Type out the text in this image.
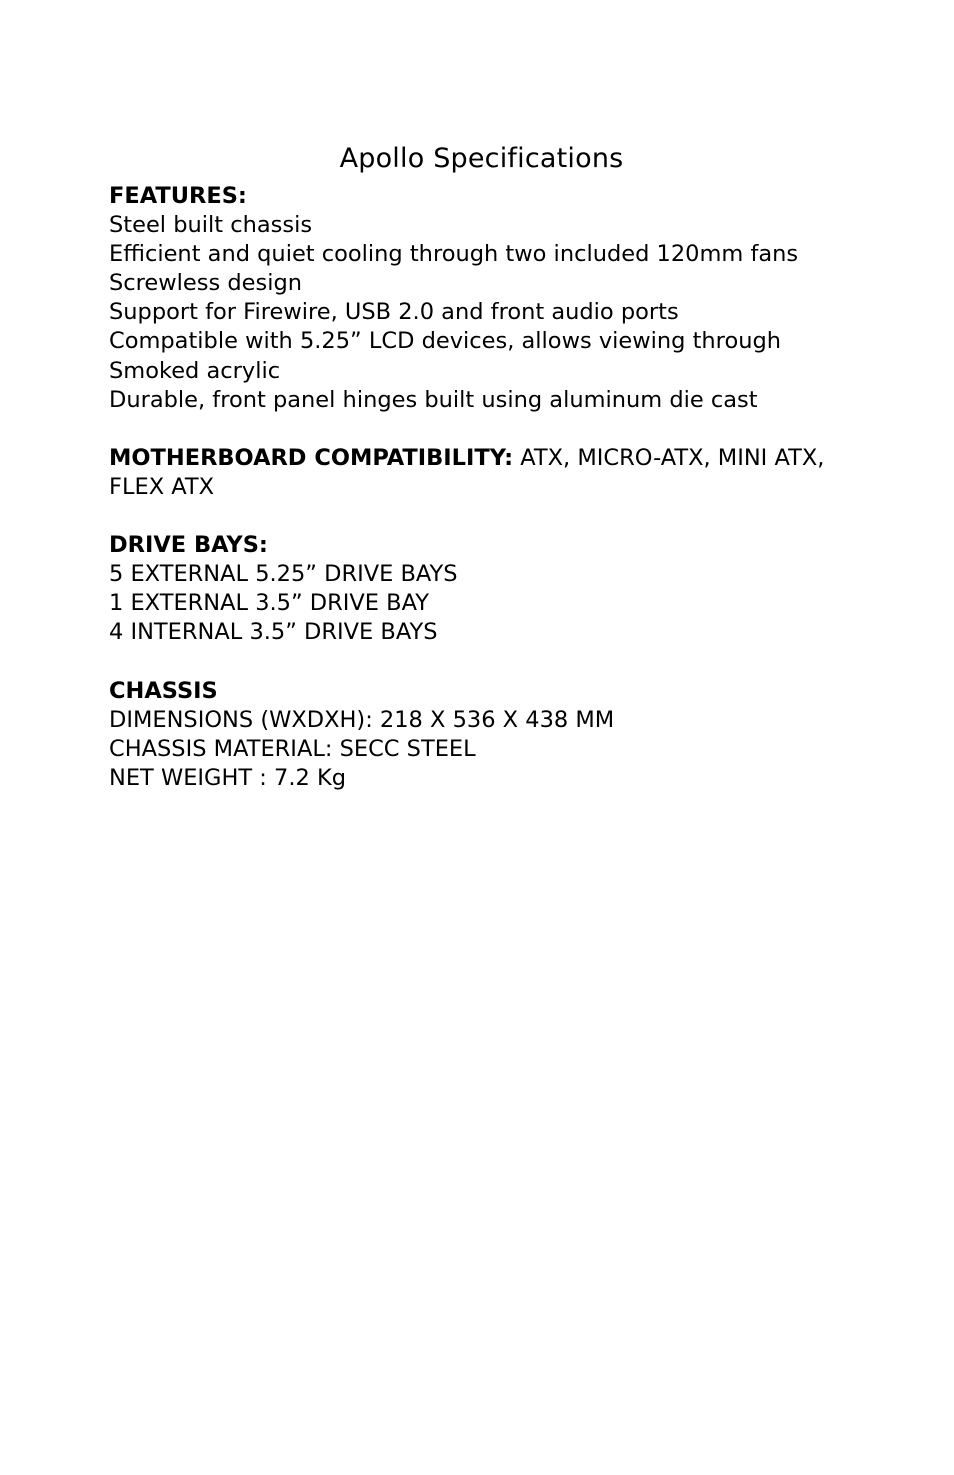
Apollo Specifications
FEATURES:
Steel built chassis
Efficient and quiet cooling through two included 120mm fans
Screwless design
Support for Firewire, USB 2.0 and front audio ports
Compatible with 5.25” LCD devices, allows viewing through Smoked acrylic
Durable, front panel hinges built using aluminum die cast
MOTHERBOARD COMPATIBILITY: ATX, MICRO-ATX, MINI ATX, FLEX ATX
DRIVE BAYS:
5 EXTERNAL 5.25” DRIVE BAYS
1 EXTERNAL 3.5” DRIVE BAY
4 INTERNAL 3.5” DRIVE BAYS
CHASSIS
DIMENSIONS (WXDXH): 218 X 536 X 438 MM
CHASSIS MATERIAL: SECC STEEL
NET WEIGHT : 7.2 Kg
